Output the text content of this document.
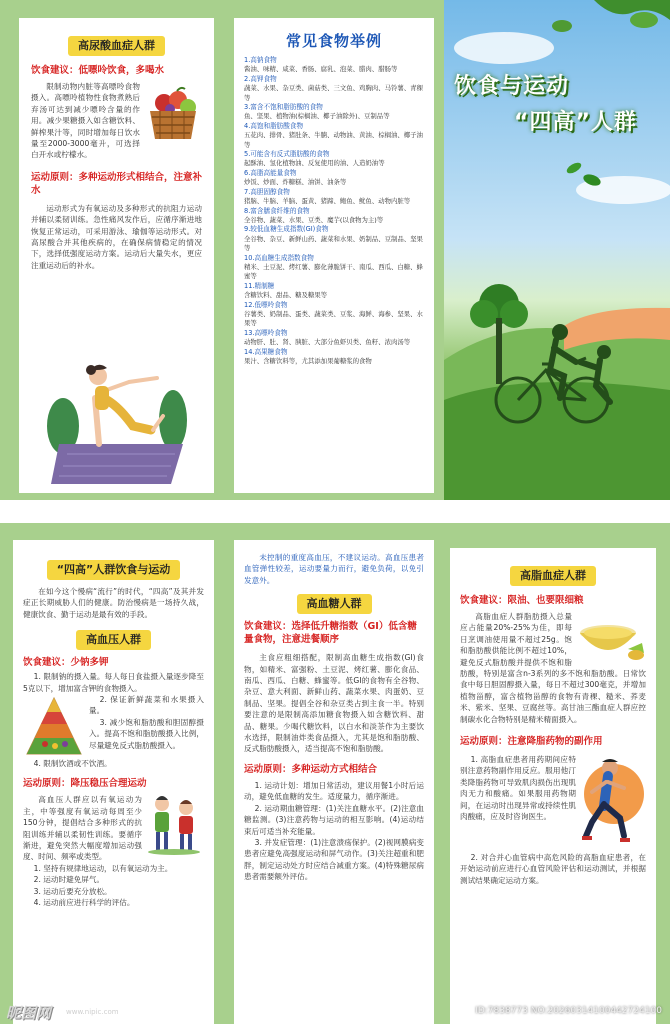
高尿酸血症人群

饮食建议：低嘌呤饮食，多喝水

限制动物内脏等高嘌呤食物摄入。高嘌呤植物性食物煮熟后弃汤可达到减少嘌呤含量的作用。减少果糖摄入如含糖饮料、鲜榨果汁等，同时增加每日饮水量至2000-3000毫升，可选择白开水或柠檬水。

运动原则：多种运动形式相结合，注意补水

运动形式为有氧运动及多种形式的抗阻力运动并辅以柔韧训练。急性痛风发作后，应循序渐进地恢复正常运动，可采用游泳、瑜伽等运动形式。对高尿酸合并其他疾病的，在确保病情稳定的情况下，选择低强度运动方案。运动后大量失水，更应注重运动后的补水。

常见食物举例

1.高钠食物

酱油、味精、咸菜、香肠、腐乳、泡菜、腊肉、腊肠等

2.高钾食物

蔬菜、水果、杂豆类、菌菇类、三文鱼、鸡胸肉、马铃薯、青稞等

3.富含不饱和脂肪酸的食物

鱼、坚果、植物油(棕榈油、椰子油除外)、豆制品等

4.高饱和脂肪酸食物

五花肉、排骨、猪肚条、牛腩、动物油、黄油、棕榈油、椰子油等

5.可能含有反式脂肪酸的食物

起酥油、氢化植物油、反复使用的油、人造奶油等

6.高脂高能量食物

炒饭、炒面、炸糖糕、油饼、油条等

7.高胆固醇食物

猪脑、牛脑、羊脑、蛋黄、猪蹄、鲍鱼、鱿鱼、动物内脏等

8.富含膳食纤维的食物

全谷物、蔬菜、水果、豆类、魔芋(以食物为主)等

9.较低血糖生成指数(GI)食物

全谷物、杂豆、新鲜山药、蔬菜和水果、奶制品、豆制品、坚果等

10.高血糖生成指数食物

精米、土豆泥、烤红薯、膨化薄脆饼干、南瓜、西瓜、白糖、蜂蜜等

11.精制糖

含糖饮料、甜品、糖及糖果等

12.低嘌呤食物

谷薯类、奶制品、蛋类、蔬菜类、豆浆、海鲜、海参、坚果、水果等

13.高嘌呤食物

动物肝、肚、肾、胰脏、大部分鱼虾贝类、鱼籽、浓肉汤等

14.高果糖食物

果汁、含糖饮料等，尤其添加果葡糖浆的食物

饮食与运动
“四高”人群
“四高”人群饮食与运动

在如今这个慢病“流行”的时代，“四高”及其并发症正长期威胁人们的健康。防治慢病是一场持久战，健康饮食、勤于运动是最有效的手段。

高血压人群

饮食建议：少钠多钾

1. 限制钠的摄入量。每人每日食盐摄入量逐步降至5克以下，增加富含钾的食物摄入。

2. 保证新鲜蔬菜和水果摄入量。

3. 减少饱和脂肪酸和胆固醇摄入。提高不饱和脂肪酸摄入比例，尽量避免反式脂肪酸摄入。

4. 限制饮酒或不饮酒。

运动原则：降压稳压合理运动

高血压人群应以有氧运动为主，中等强度有氧运动每周至少150分钟，提倡结合多种形式的抗阻训练并辅以柔韧性训练。要循序渐进，避免突然大幅度增加运动强度、时间、频率或类型。

1. 坚持有规律地运动，以有氧运动为主。

2. 运动时避免屏气。

3. 运动后要充分放松。

4. 运动前应进行科学的评估。

未控制的重度高血压，不建议运动。高血压患者血管弹性较差，运动要量力而行，避免负荷，以免引发意外。

高血糖人群

饮食建议：选择低升糖指数（GI）低含糖量食物，注意进餐顺序

主食应粗细搭配，限制高血糖生成指数(GI)食物，如精米、富强粉、土豆泥、烤红薯、膨化食品、南瓜、西瓜、白糖、蜂蜜等。低GI的食物有全谷物、杂豆、意大利面、新鲜山药、蔬菜水果、肉蛋奶、豆制品、坚果。提倡全谷和杂豆类占到主食一半。特别要注意的是限制高添加糖食物摄入如含糖饮料、甜品、糖果。少喝代糖饮料，以白水和淡茶作为主要饮水选择，限制油炸类食品摄入，尤其是饱和脂肪酸、反式脂肪酸摄入，适当提高不饱和脂肪酸。

运动原则：多种运动方式相结合

1. 运动计划：增加日常活动，建议用餐1小时后运动，避免低血糖的发生。适度量力，循序渐进。

2. 运动期血糖管理：(1)关注血糖水平。(2)注意血糖监测。(3)注意药物与运动的相互影响。(4)运动结束后可适当补充能量。

3. 并发症管理：(1)注意溃疡保护。(2)视网膜病变患者应避免高强度运动和屏气动作。(3)关注超重和肥胖，制定运动处方时应结合减重方案。(4)特殊糖尿病患者需要额外评估。

高脂血症人群

饮食建议：限油、也要限细粮

高脂血症人群脂肪摄入总量应占能量20%-25%为佳，即每日烹调油使用量不超过25g。饱和脂肪酸供能比例不超过10%，避免反式脂肪酸并提供不饱和脂肪酸，特别是富含n-3系列的多不饱和脂肪酸。日常饮食中每日胆固醇摄入量，每日不超过300毫克，并增加植物甾醇，富含植物甾醇的食物有青稞、糙米、荞麦米、紫米、坚果、豆腐丝等。高甘油三酯血症人群应控制碳水化合物特别是精米精面摄入。

运动原则：注意降脂药物的副作用

1. 高脂血症患者用药期间应特别注意药物副作用反应。服用他汀类降脂药物可导致肌肉损伤出现肌肉无力和酸痛。如果服用药物期间，在运动时出现异常或持续性肌肉酸痛，应及时咨询医生。

2. 对合并心血管病中高危风险的高脂血症患者，在开始运动前应进行心血管风险评估和运动测试，并根据测试结果确定运动方案。

昵图网 www.nipic.com	ID:7838773 NO:20260314100442724100
